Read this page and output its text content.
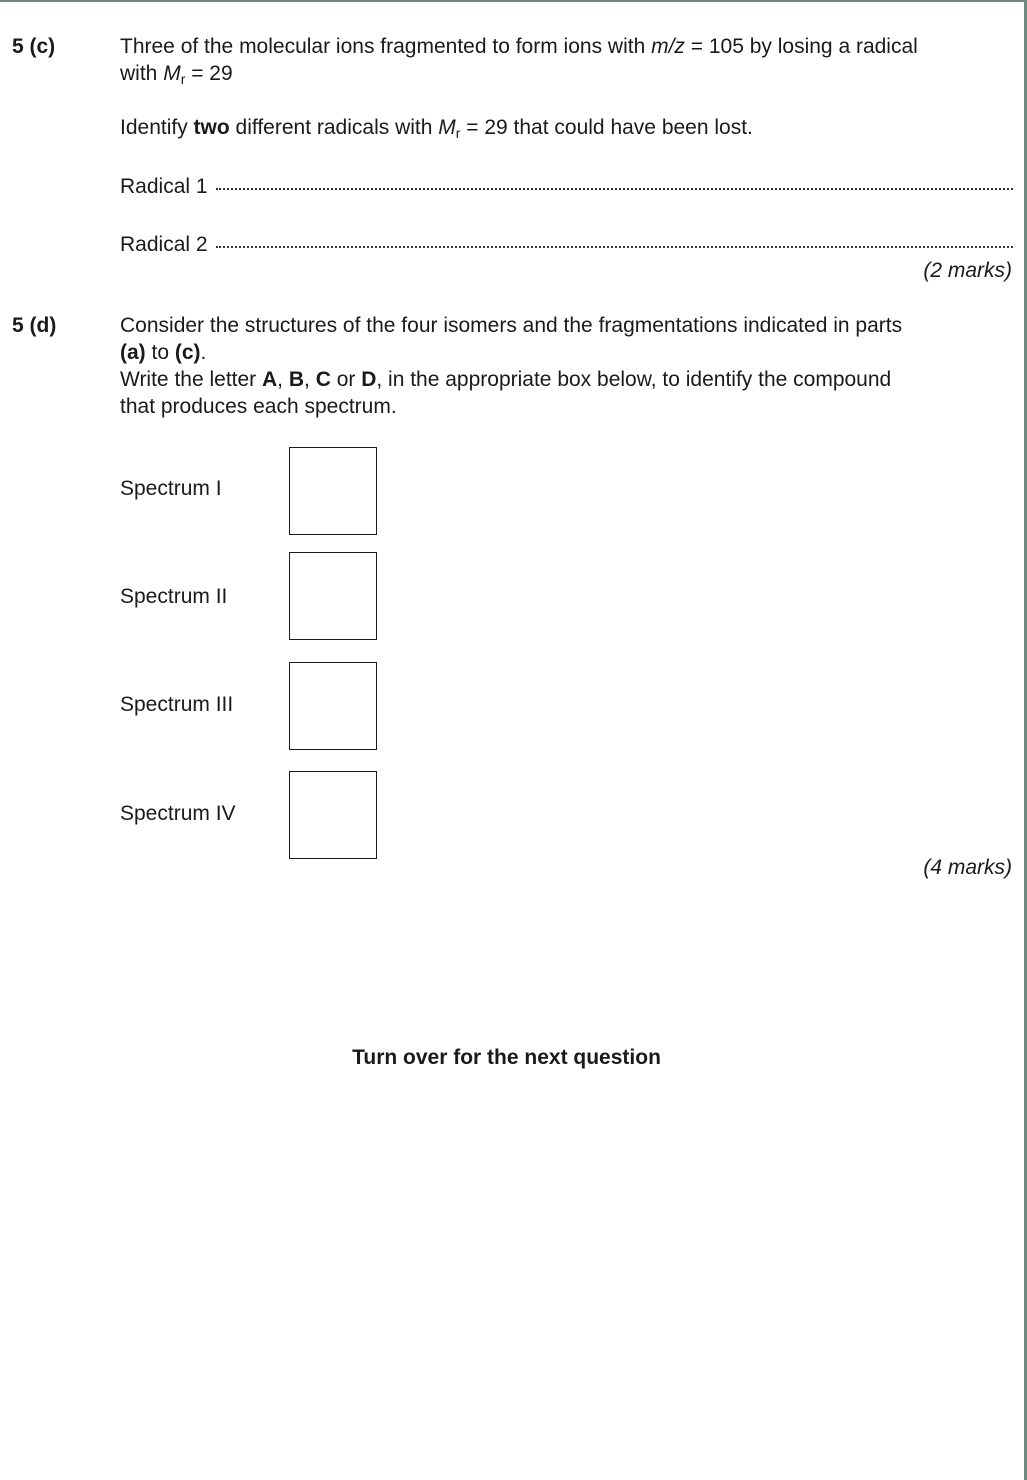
5 (c)	Three of the molecular ions fragmented to form ions with m/z = 105 by losing a radical
with Mr = 29
Identify two different radicals with Mr = 29 that could have been lost.
Radical 1
Radical 2
(2 marks)
5 (d)	Consider the structures of the four isomers and the fragmentations indicated in parts
(a) to (c).
Write the letter A, B, C or D, in the appropriate box below, to identify the compound
that produces each spectrum.
Spectrum I
Spectrum II
Spectrum III
Spectrum IV
(4 marks)
Turn over for the next question
